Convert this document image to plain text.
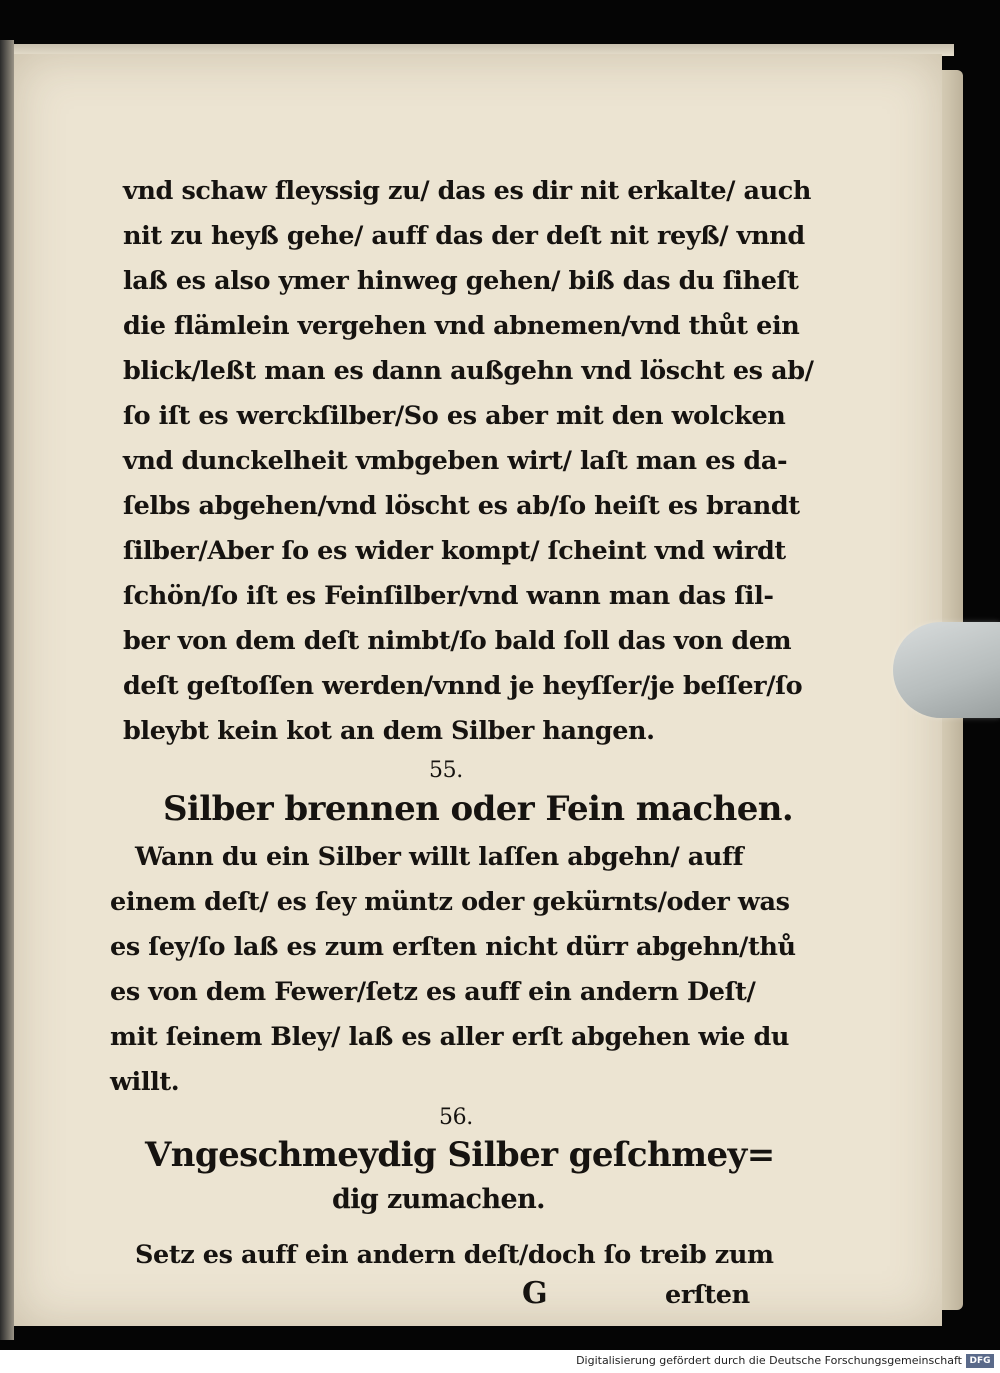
vnd schaw fleyssig zu/ das es dir nit erkalte/ auch
nit zu heyß gehe/ auff das der deſt nit reyß/ vnnd
laß es also ymer hinweg gehen/ biß das du ſiheſt
die flämlein vergehen vnd abnemen/vnd thůt ein
blick/leßt man es dann außgehn vnd löscht es ab/
ſo iſt es werckſilber/So es aber mit den wolcken
vnd dunckelheit vmbgeben wirt/ laſt man es da-
ſelbs abgehen/vnd löscht es ab/ſo heiſt es brandt
ſilber/Aber ſo es wider kompt/ ſcheint vnd wirdt
ſchön/ſo iſt es Feinſilber/vnd wann man das ſil-
ber von dem deſt nimbt/ſo bald ſoll das von dem
deſt geſtoſſen werden/vnnd je heyſſer/je beſſer/ſo
bleybt kein kot an dem Silber hangen.
55.
Silber brennen oder Fein machen.
Wann du ein Silber willt laſſen abgehn/ auff
einem deſt/ es ſey müntz oder gekürnts/oder was
es ſey/ſo laß es zum erſten nicht dürr abgehn/thů
es von dem Fewer/ſetz es auff ein andern Deſt/
mit ſeinem Bley/ laß es aller erſt abgehen wie du
willt.
56.
Vngeschmeydig Silber geſchmey=
dig zumachen.
Setz es auff ein andern deſt/doch ſo treib zum
G	erſten
Digitalisierung gefördert durch die Deutsche Forschungsgemeinschaft DFG
